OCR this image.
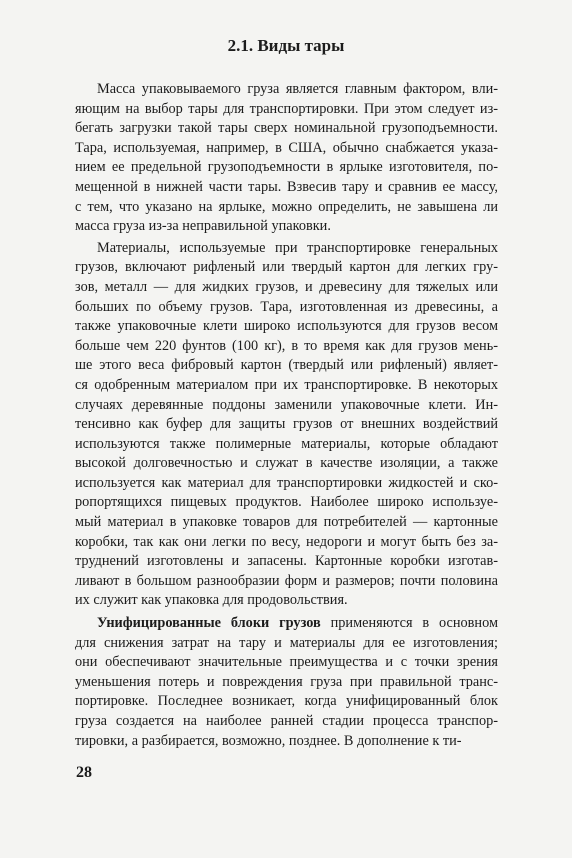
2.1. Виды тары
Масса упаковываемого груза является главным фактором, вли-
яющим на выбор тары для транспортировки. При этом следует из-
бегать загрузки такой тары сверх номинальной грузоподъемности.
Тара, используемая, например, в США, обычно снабжается указа-
нием ее предельной грузоподъемности в ярлыке изготовителя, по-
мещенной в нижней части тары. Взвесив тару и сравнив ее массу,
с тем, что указано на ярлыке, можно определить, не завышена ли
масса груза из-за неправильной упаковки.
Материалы, используемые при транспортировке генеральных
грузов, включают рифленый или твердый картон для легких гру-
зов, металл — для жидких грузов, и древесину для тяжелых или
больших по объему грузов. Тара, изготовленная из древесины, а
также упаковочные клети широко используются для грузов весом
больше чем 220 фунтов (100 кг), в то время как для грузов мень-
ше этого веса фибровый картон (твердый или рифленый) являет-
ся одобренным материалом при их транспортировке. В некоторых
случаях деревянные поддоны заменили упаковочные клети. Ин-
тенсивно как буфер для защиты грузов от внешних воздействий
используются также полимерные материалы, которые обладают
высокой долговечностью и служат в качестве изоляции, а также
используется как материал для транспортировки жидкостей и ско-
ропортящихся пищевых продуктов. Наиболее широко используе-
мый материал в упаковке товаров для потребителей — картонные
коробки, так как они легки по весу, недороги и могут быть без за-
труднений изготовлены и запасены. Картонные коробки изготав-
ливают в большом разнообразии форм и размеров; почти половина
их служит как упаковка для продовольствия.
Унифицированные блоки грузов применяются в основном
для снижения затрат на тару и материалы для ее изготовления;
они обеспечивают значительные преимущества и с точки зрения
уменьшения потерь и повреждения груза при правильной транс-
портировке. Последнее возникает, когда унифицированный блок
груза создается на наиболее ранней стадии процесса транспор-
тировки, а разбирается, возможно, позднее. В дополнение к ти-
28
